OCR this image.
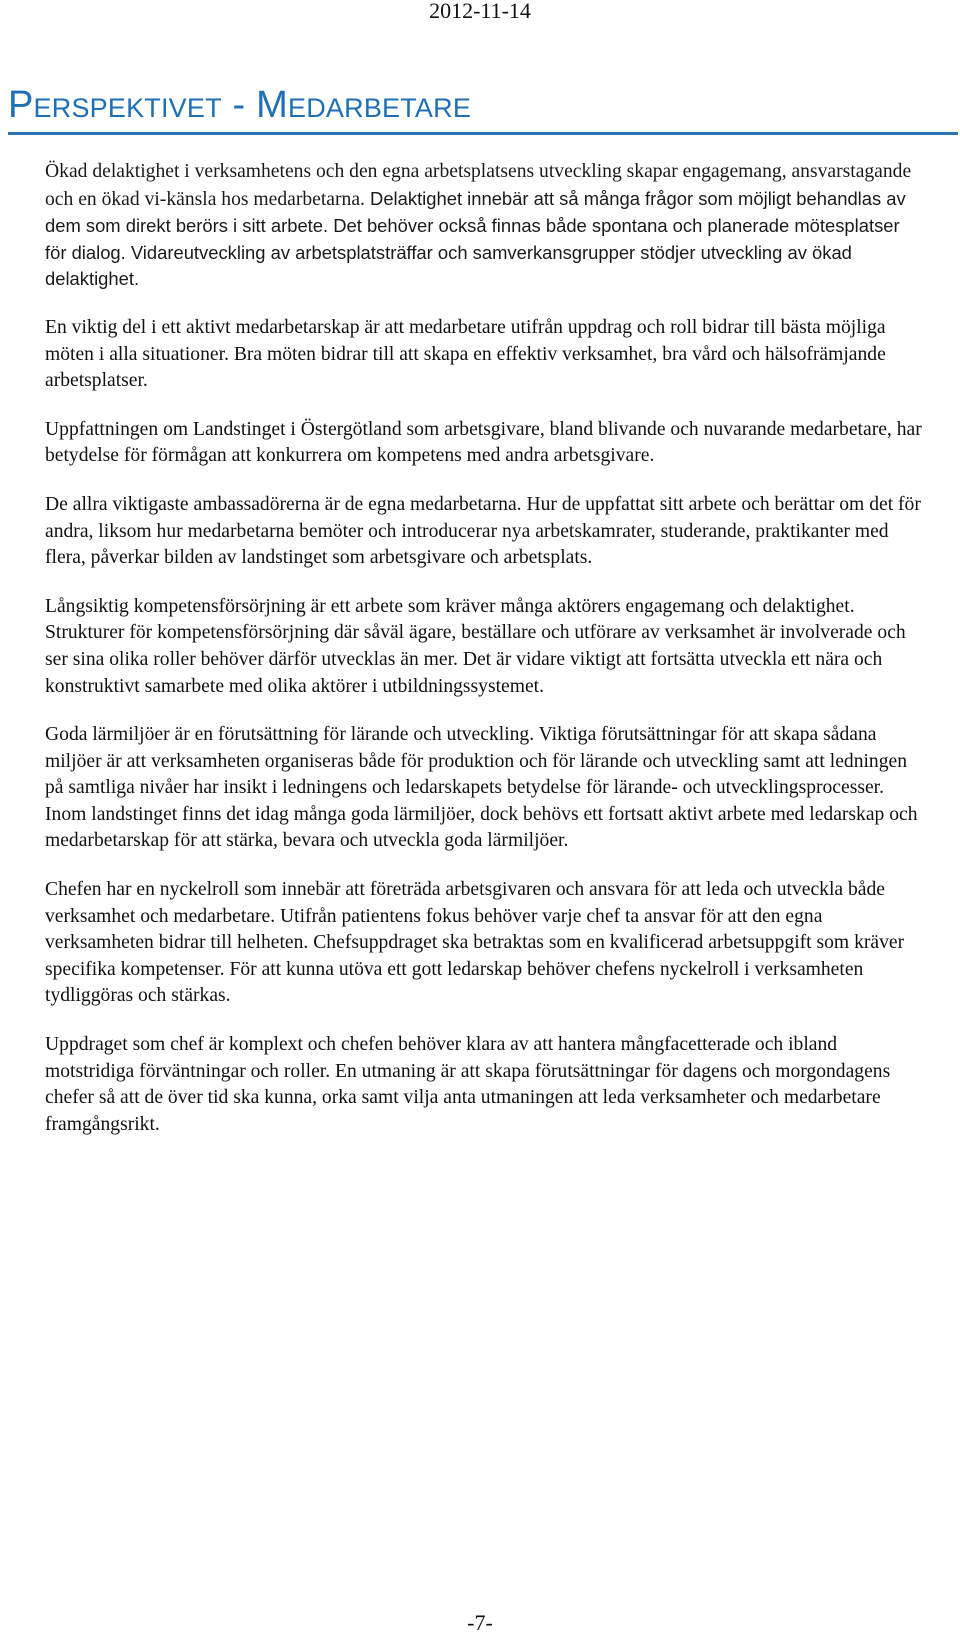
2012-11-14
Perspektivet - Medarbetare

Ökad delaktighet i verksamhetens och den egna arbetsplatsens utveckling skapar engagemang, ansvarstagande och en ökad vi-känsla hos medarbetarna. Delaktighet innebär att så många frågor som möjligt behandlas av dem som direkt berörs i sitt arbete. Det behöver också finnas både spontana och planerade mötesplatser för dialog. Vidareutveckling av arbetsplatsträffar och samverkansgrupper stödjer utveckling av ökad delaktighet.

En viktig del i ett aktivt medarbetarskap är att medarbetare utifrån uppdrag och roll bidrar till bästa möjliga möten i alla situationer. Bra möten bidrar till att skapa en effektiv verksamhet, bra vård och hälsofrämjande arbetsplatser.

Uppfattningen om Landstinget i Östergötland som arbetsgivare, bland blivande och nuvarande medarbetare, har betydelse för förmågan att konkurrera om kompetens med andra arbetsgivare.

De allra viktigaste ambassadörerna är de egna medarbetarna. Hur de uppfattat sitt arbete och berättar om det för andra, liksom hur medarbetarna bemöter och introducerar nya arbetskamrater, studerande, praktikanter med flera, påverkar bilden av landstinget som arbetsgivare och arbetsplats.

Långsiktig kompetensförsörjning är ett arbete som kräver många aktörers engagemang och delaktighet. Strukturer för kompetensförsörjning där såväl ägare, beställare och utförare av verksamhet är involverade och ser sina olika roller behöver därför utvecklas än mer. Det är vidare viktigt att fortsätta utveckla ett nära och konstruktivt samarbete med olika aktörer i utbildningssystemet.

Goda lärmiljöer är en förutsättning för lärande och utveckling. Viktiga förutsättningar för att skapa sådana miljöer är att verksamheten organiseras både för produktion och för lärande och utveckling samt att ledningen på samtliga nivåer har insikt i ledningens och ledarskapets betydelse för lärande- och utvecklingsprocesser. Inom landstinget finns det idag många goda lärmiljöer, dock behövs ett fortsatt aktivt arbete med ledarskap och medarbetarskap för att stärka, bevara och utveckla goda lärmiljöer.

Chefen har en nyckelroll som innebär att företräda arbetsgivaren och ansvara för att leda och utveckla både verksamhet och medarbetare. Utifrån patientens fokus behöver varje chef ta ansvar för att den egna verksamheten bidrar till helheten. Chefsuppdraget ska betraktas som en kvalificerad arbetsuppgift som kräver specifika kompetenser. För att kunna utöva ett gott ledarskap behöver chefens nyckelroll i verksamheten tydliggöras och stärkas.

Uppdraget som chef är komplext och chefen behöver klara av att hantera mångfacetterade och ibland motstridiga förväntningar och roller. En utmaning är att skapa förutsättningar för dagens och morgondagens chefer så att de över tid ska kunna, orka samt vilja anta utmaningen att leda verksamheter och medarbetare framgångsrikt.

-7-
